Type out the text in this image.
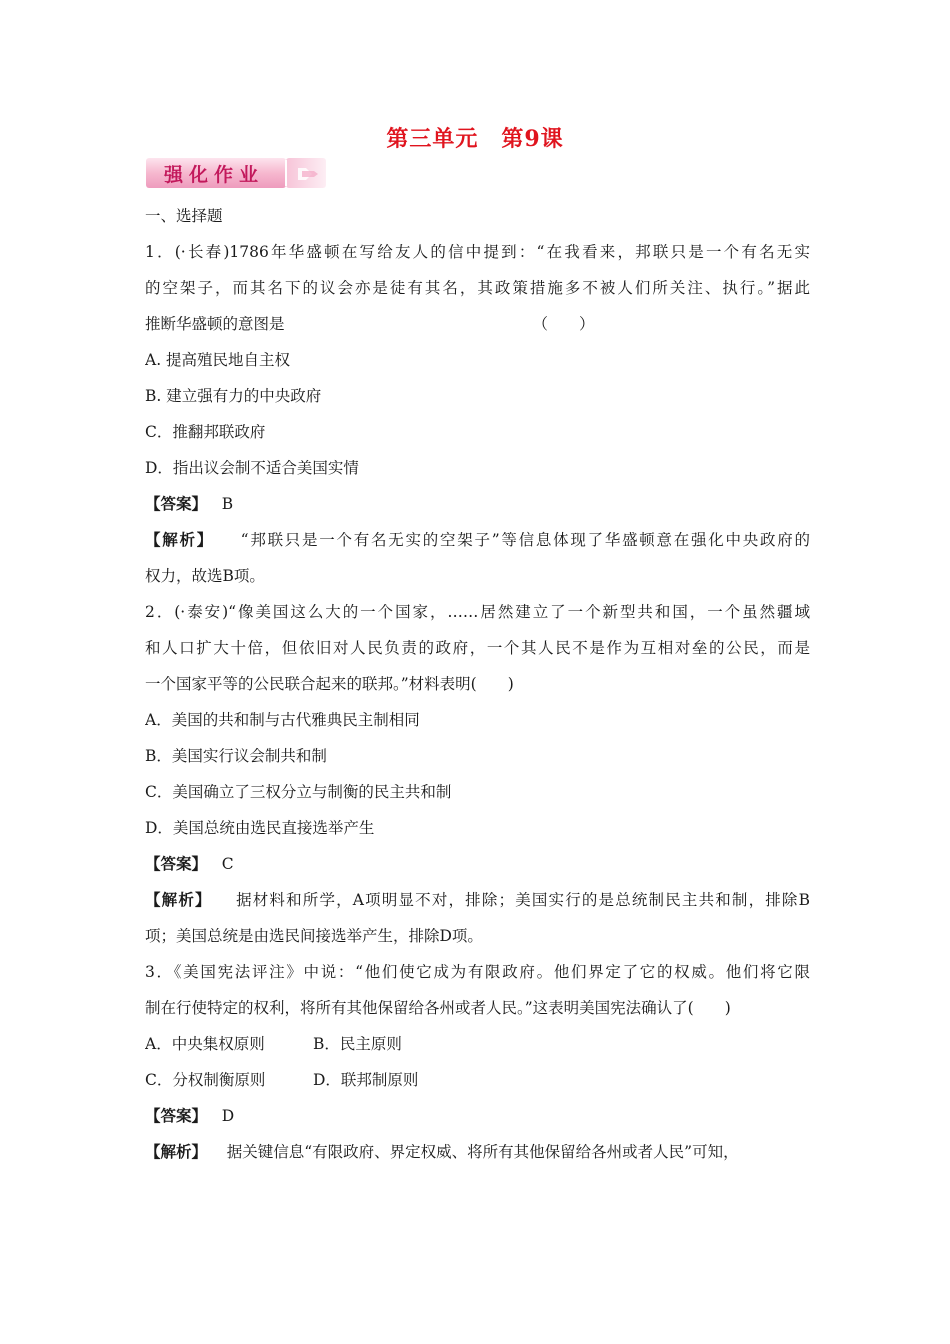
第三单元　第9课
强化作业
一、选择题
1．(·长春)1786年华盛顿在写给友人的信中提到：“在我看来，邦联只是一个有名无实
的空架子，而其名下的议会亦是徒有其名，其政策措施多不被人们所关注、执行。”据此
推断华盛顿的意图是	（　　）
A. 提高殖民地自主权
B. 建立强有力的中央政府
C．推翻邦联政府
D．指出议会制不适合美国实情
【答案】 B
【解析】 “邦联只是一个有名无实的空架子”等信息体现了华盛顿意在强化中央政府的
权力，故选B项。
2．(·泰安)“像美国这么大的一个国家，……居然建立了一个新型共和国，一个虽然疆域
和人口扩大十倍，但依旧对人民负责的政府，一个其人民不是作为互相对垒的公民，而是
一个国家平等的公民联合起来的联邦。”材料表明(　　)
A．美国的共和制与古代雅典民主制相同
B．美国实行议会制共和制
C．美国确立了三权分立与制衡的民主共和制
D．美国总统由选民直接选举产生
【答案】 C
【解析】 据材料和所学，A项明显不对，排除；美国实行的是总统制民主共和制，排除B
项；美国总统是由选民间接选举产生，排除D项。
3．《美国宪法评注》中说：“他们使它成为有限政府。他们界定了它的权威。他们将它限
制在行使特定的权利，将所有其他保留给各州或者人民。”这表明美国宪法确认了(　　)
A．中央集权原则	B．民主原则
C．分权制衡原则	D．联邦制原则
【答案】 D
【解析】 据关键信息“有限政府、界定权威、将所有其他保留给各州或者人民”可知，
